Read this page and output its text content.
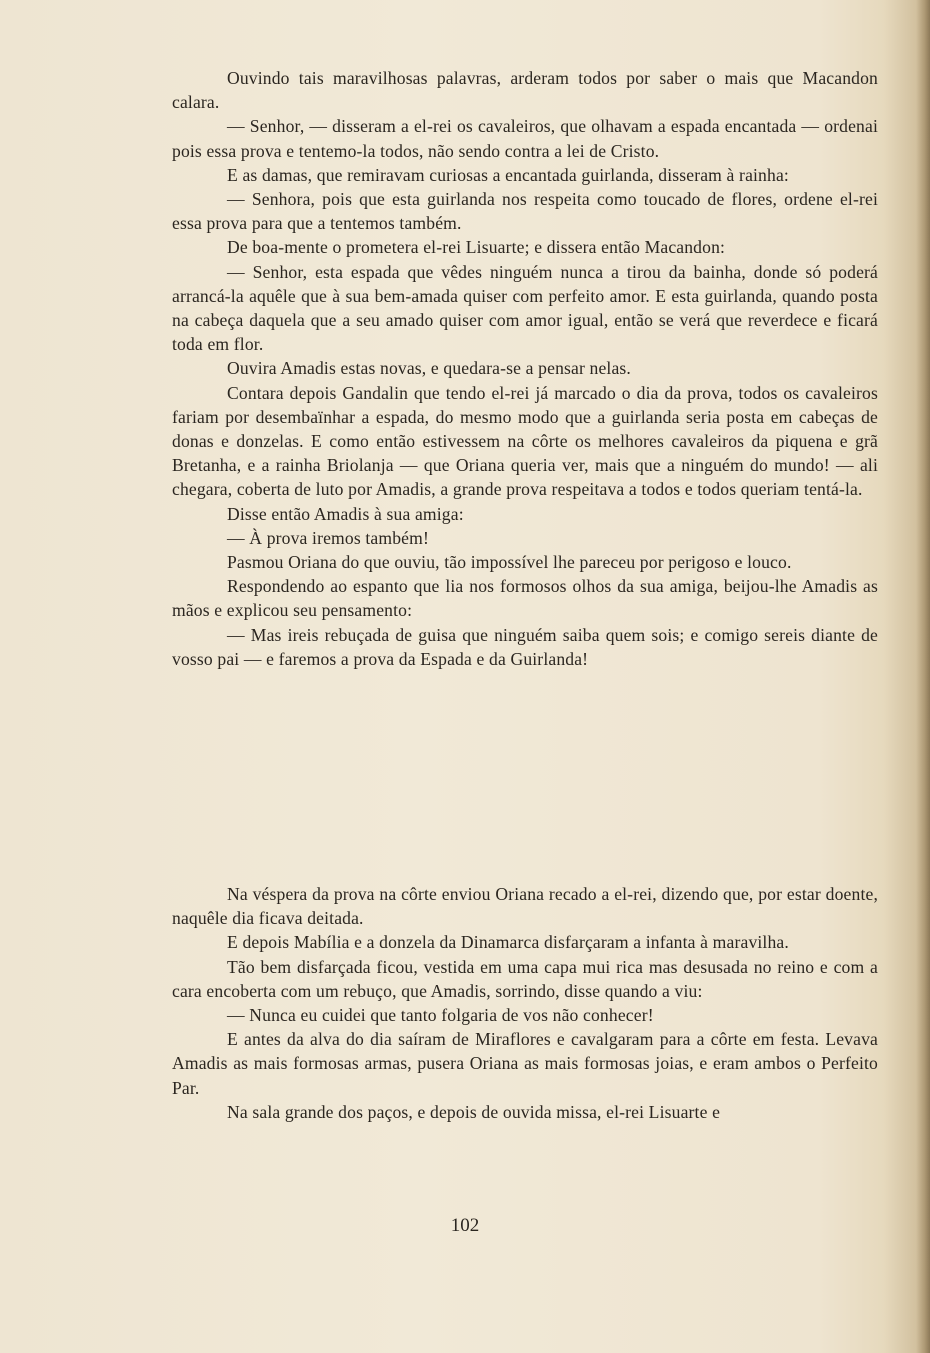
Ouvindo tais maravilhosas palavras, arderam todos por saber o mais que Macandon calara.

— Senhor, — disseram a el-rei os cavaleiros, que olhavam a espada encantada — ordenai pois essa prova e tentemo-la todos, não sendo contra a lei de Cristo.

E as damas, que remiravam curiosas a encantada guirlanda, disseram à rainha:

— Senhora, pois que esta guirlanda nos respeita como toucado de flores, ordene el-rei essa prova para que a tentemos também.

De boa-mente o prometera el-rei Lisuarte; e dissera então Macandon:

— Senhor, esta espada que vêdes ninguém nunca a tirou da bainha, donde só poderá arrancá-la aquêle que à sua bem-amada quiser com perfeito amor. E esta guirlanda, quando posta na cabeça daquela que a seu amado quiser com amor igual, então se verá que reverdece e ficará toda em flor.

Ouvira Amadis estas novas, e quedara-se a pensar nelas.

Contara depois Gandalin que tendo el-rei já marcado o dia da prova, todos os cavaleiros fariam por desembaïnhar a espada, do mesmo modo que a guirlanda seria posta em cabeças de donas e donzelas. E como então estivessem na côrte os melhores cavaleiros da piquena e grã Bretanha, e a rainha Briolanja — que Oriana queria ver, mais que a ninguém do mundo! — ali chegara, coberta de luto por Amadis, a grande prova respeitava a todos e todos queriam tentá-la.

Disse então Amadis à sua amiga:

— À prova iremos também!

Pasmou Oriana do que ouviu, tão impossível lhe pareceu por perigoso e louco.

Respondendo ao espanto que lia nos formosos olhos da sua amiga, beijou-lhe Amadis as mãos e explicou seu pensamento:

— Mas ireis rebuçada de guisa que ninguém saiba quem sois; e comigo sereis diante de vosso pai — e faremos a prova da Espada e da Guirlanda!

Na véspera da prova na côrte enviou Oriana recado a el-rei, dizendo que, por estar doente, naquêle dia ficava deitada.

E depois Mabília e a donzela da Dinamarca disfarçaram a infanta à maravilha.

Tão bem disfarçada ficou, vestida em uma capa mui rica mas desusada no reino e com a cara encoberta com um rebuço, que Amadis, sorrindo, disse quando a viu:

— Nunca eu cuidei que tanto folgaria de vos não conhecer!

E antes da alva do dia saíram de Miraflores e cavalgaram para a côrte em festa. Levava Amadis as mais formosas armas, pusera Oriana as mais formosas joias, e eram ambos o Perfeito Par.

Na sala grande dos paços, e depois de ouvida missa, el-rei Lisuarte e

102
